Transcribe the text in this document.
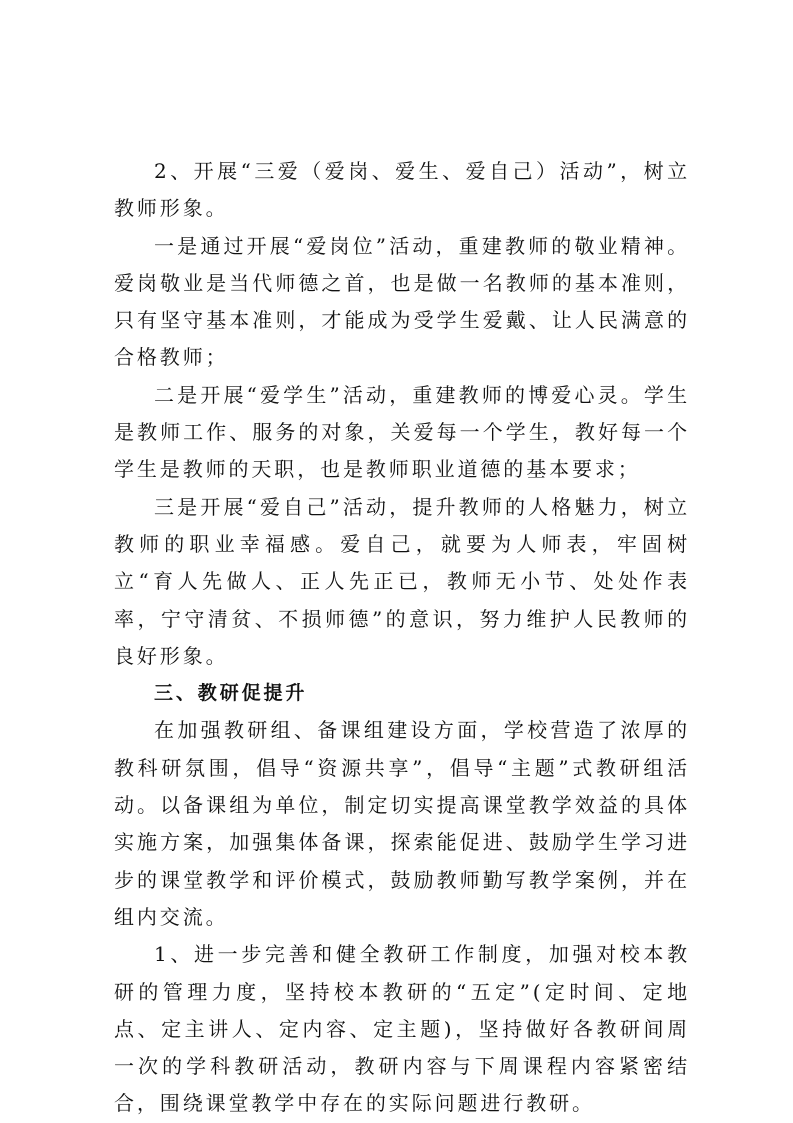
2、开展“三爱（爱岗、爱生、爱自己）活动”，树立教师形象。

一是通过开展“爱岗位”活动，重建教师的敬业精神。爱岗敬业是当代师德之首，也是做一名教师的基本准则，只有坚守基本准则，才能成为受学生爱戴、让人民满意的合格教师；

二是开展“爱学生”活动，重建教师的博爱心灵。学生是教师工作、服务的对象，关爱每一个学生，教好每一个学生是教师的天职，也是教师职业道德的基本要求；

三是开展“爱自己”活动，提升教师的人格魅力，树立教师的职业幸福感。爱自己，就要为人师表，牢固树立“育人先做人、正人先正已，教师无小节、处处作表率，宁守清贫、不损师德”的意识，努力维护人民教师的良好形象。

三、教研促提升

在加强教研组、备课组建设方面，学校营造了浓厚的教科研氛围，倡导“资源共享”，倡导“主题”式教研组活动。以备课组为单位，制定切实提高课堂教学效益的具体实施方案，加强集体备课，探索能促进、鼓励学生学习进步的课堂教学和评价模式，鼓励教师勤写教学案例，并在组内交流。

1、进一步完善和健全教研工作制度，加强对校本教研的管理力度，坚持校本教研的“五定”(定时间、定地点、定主讲人、定内容、定主题)，坚持做好各教研间周一次的学科教研活动，教研内容与下周课程内容紧密结合，围绕课堂教学中存在的实际问题进行教研。
